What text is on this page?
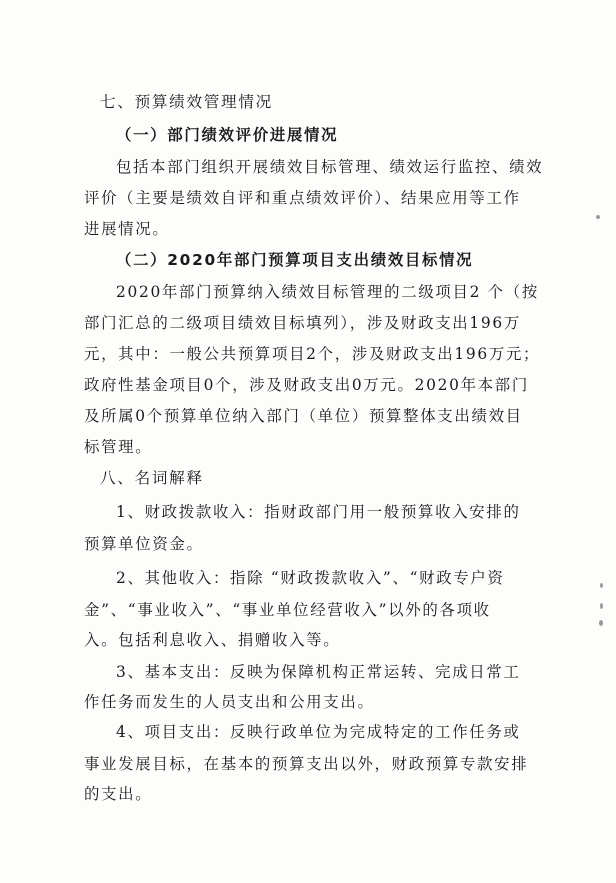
七、预算绩效管理情况
（一）部门绩效评价进展情况
包括本部门组织开展绩效目标管理、绩效运行监控、绩效
评价（主要是绩效自评和重点绩效评价）、结果应用等工作
进展情况。
（二）2020年部门预算项目支出绩效目标情况
2020年部门预算纳入绩效目标管理的二级项目2 个（按
部门汇总的二级项目绩效目标填列），涉及财政支出196万
元，其中：一般公共预算项目2个，涉及财政支出196万元；
政府性基金项目0个，涉及财政支出0万元。2020年本部门
及所属0个预算单位纳入部门（单位）预算整体支出绩效目
标管理。
八、名词解释
1、财政拨款收入：指财政部门用一般预算收入安排的
预算单位资金。
2、其他收入：指除 “财政拨款收入”、“财政专户资
金”、“事业收入”、“事业单位经营收入”以外的各项收
入。包括利息收入、捐赠收入等。
3、基本支出：反映为保障机构正常运转、完成日常工
作任务而发生的人员支出和公用支出。
4、项目支出：反映行政单位为完成特定的工作任务或
事业发展目标，在基本的预算支出以外，财政预算专款安排
的支出。
